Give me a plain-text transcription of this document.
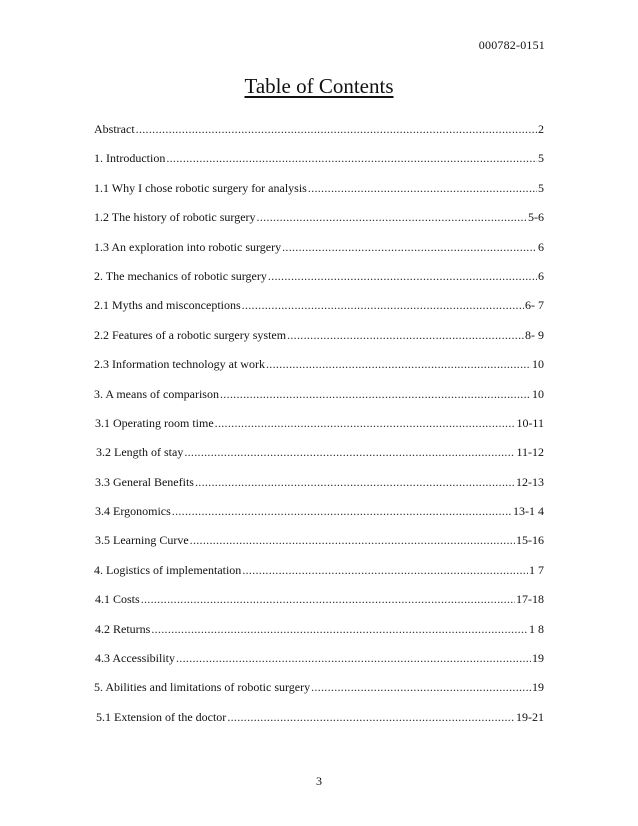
000782-0151
Table of Contents
Abstract .....	2
1. Introduction .....	5
1.1 Why I chose robotic surgery for analysis .....	5
1.2 The history of robotic surgery .....	5-6
1.3 An exploration into robotic surgery .....	6
2. The mechanics of robotic surgery .....	6
2.1 Myths and misconceptions .....	6- 7
2.2 Features of a robotic surgery system .....	8- 9
2.3 Information technology at work .....	10
3. A means of comparison .....	10
3.1 Operating room time .....	10-11
3.2 Length of stay .....	11-12
3.3 General Benefits .....	12-13
3.4 Ergonomics .....	13-1 4
3.5 Learning Curve .....	15-16
4. Logistics of implementation .....	1 7
4.1 Costs .....	17-18
4.2 Returns .....	1 8
4.3 Accessibility .....	19
5. Abilities and limitations of robotic surgery .....	19
5.1 Extension of the doctor .....	19-21
3
